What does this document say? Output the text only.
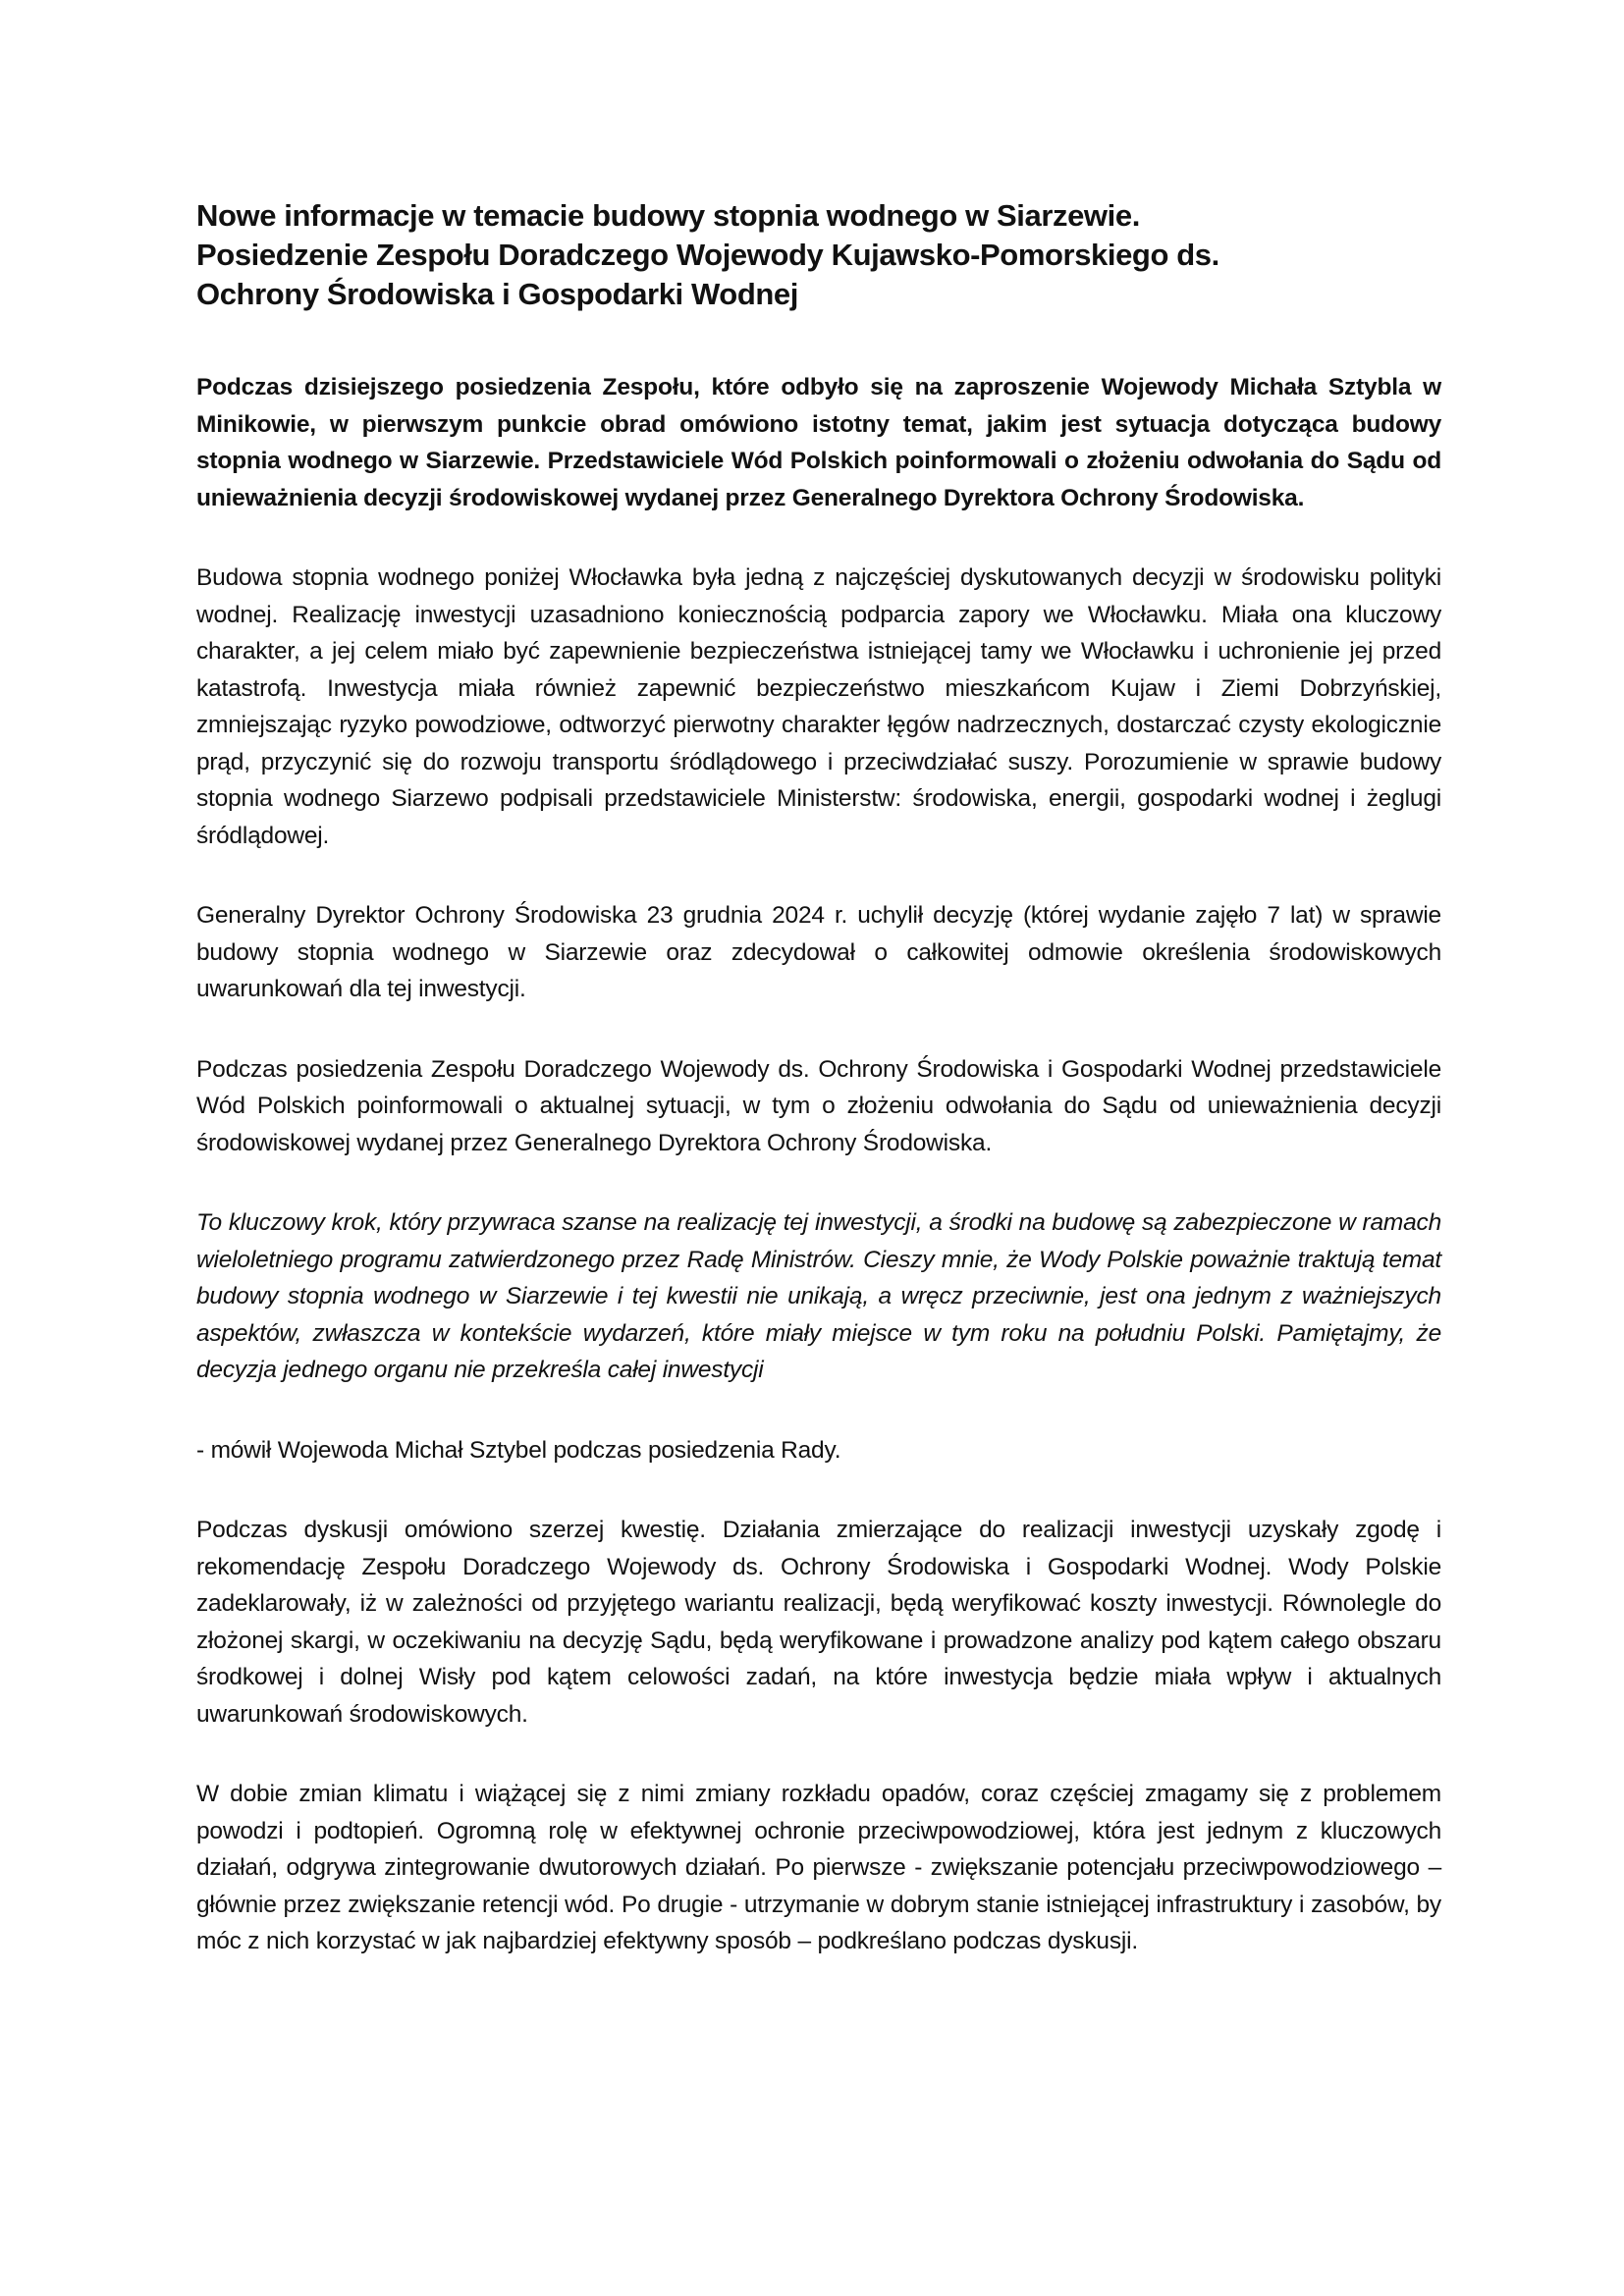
Nowe informacje w temacie budowy stopnia wodnego w Siarzewie.
Posiedzenie Zespołu Doradczego Wojewody Kujawsko-Pomorskiego ds.
Ochrony Środowiska i Gospodarki Wodnej

Podczas dzisiejszego posiedzenia Zespołu, które odbyło się na zaproszenie Wojewody Michała Sztybla w Minikowie, w pierwszym punkcie obrad omówiono istotny temat, jakim jest sytuacja dotycząca budowy stopnia wodnego w Siarzewie. Przedstawiciele Wód Polskich poinformowali o złożeniu odwołania do Sądu od unieważnienia decyzji środowiskowej wydanej przez Generalnego Dyrektora Ochrony Środowiska.

Budowa stopnia wodnego poniżej Włocławka była jedną z najczęściej dyskutowanych decyzji w środowisku polityki wodnej. Realizację inwestycji uzasadniono koniecznością podparcia zapory we Włocławku. Miała ona kluczowy charakter, a jej celem miało być zapewnienie bezpieczeństwa istniejącej tamy we Włocławku i uchronienie jej przed katastrofą. Inwestycja miała również zapewnić bezpieczeństwo mieszkańcom Kujaw i Ziemi Dobrzyńskiej, zmniejszając ryzyko powodziowe, odtworzyć pierwotny charakter łęgów nadrzecznych, dostarczać czysty ekologicznie prąd, przyczynić się do rozwoju transportu śródlądowego i przeciwdziałać suszy. Porozumienie w sprawie budowy stopnia wodnego Siarzewo podpisali przedstawiciele Ministerstw: środowiska, energii, gospodarki wodnej i żeglugi śródlądowej.

Generalny Dyrektor Ochrony Środowiska 23 grudnia 2024 r. uchylił decyzję (której wydanie zajęło 7 lat) w sprawie budowy stopnia wodnego w Siarzewie oraz zdecydował o całkowitej odmowie określenia środowiskowych uwarunkowań dla tej inwestycji.

Podczas posiedzenia Zespołu Doradczego Wojewody ds. Ochrony Środowiska i Gospodarki Wodnej przedstawiciele Wód Polskich poinformowali o aktualnej sytuacji, w tym o złożeniu odwołania do Sądu od unieważnienia decyzji środowiskowej wydanej przez Generalnego Dyrektora Ochrony Środowiska.

To kluczowy krok, który przywraca szanse na realizację tej inwestycji, a środki na budowę są zabezpieczone w ramach wieloletniego programu zatwierdzonego przez Radę Ministrów. Cieszy mnie, że Wody Polskie poważnie traktują temat budowy stopnia wodnego w Siarzewie i tej kwestii nie unikają, a wręcz przeciwnie, jest ona jednym z ważniejszych aspektów, zwłaszcza w kontekście wydarzeń, które miały miejsce w tym roku na południu Polski. Pamiętajmy, że decyzja jednego organu nie przekreśla całej inwestycji

- mówił Wojewoda Michał Sztybel podczas posiedzenia Rady.

Podczas dyskusji omówiono szerzej kwestię. Działania zmierzające do realizacji inwestycji uzyskały zgodę i rekomendację Zespołu Doradczego Wojewody ds. Ochrony Środowiska i Gospodarki Wodnej. Wody Polskie zadeklarowały, iż w zależności od przyjętego wariantu realizacji, będą weryfikować koszty inwestycji. Równolegle do złożonej skargi, w oczekiwaniu na decyzję Sądu, będą weryfikowane i prowadzone analizy pod kątem całego obszaru środkowej i dolnej Wisły pod kątem celowości zadań, na które inwestycja będzie miała wpływ i aktualnych uwarunkowań środowiskowych.

W dobie zmian klimatu i wiążącej się z nimi zmiany rozkładu opadów, coraz częściej zmagamy się z problemem powodzi i podtopień. Ogromną rolę w efektywnej ochronie przeciwpowodziowej, która jest jednym z kluczowych działań, odgrywa zintegrowanie dwutorowych działań. Po pierwsze - zwiększanie potencjału przeciwpowodziowego – głównie przez zwiększanie retencji wód. Po drugie - utrzymanie w dobrym stanie istniejącej infrastruktury i zasobów, by móc z nich korzystać w jak najbardziej efektywny sposób – podkreślano podczas dyskusji.
